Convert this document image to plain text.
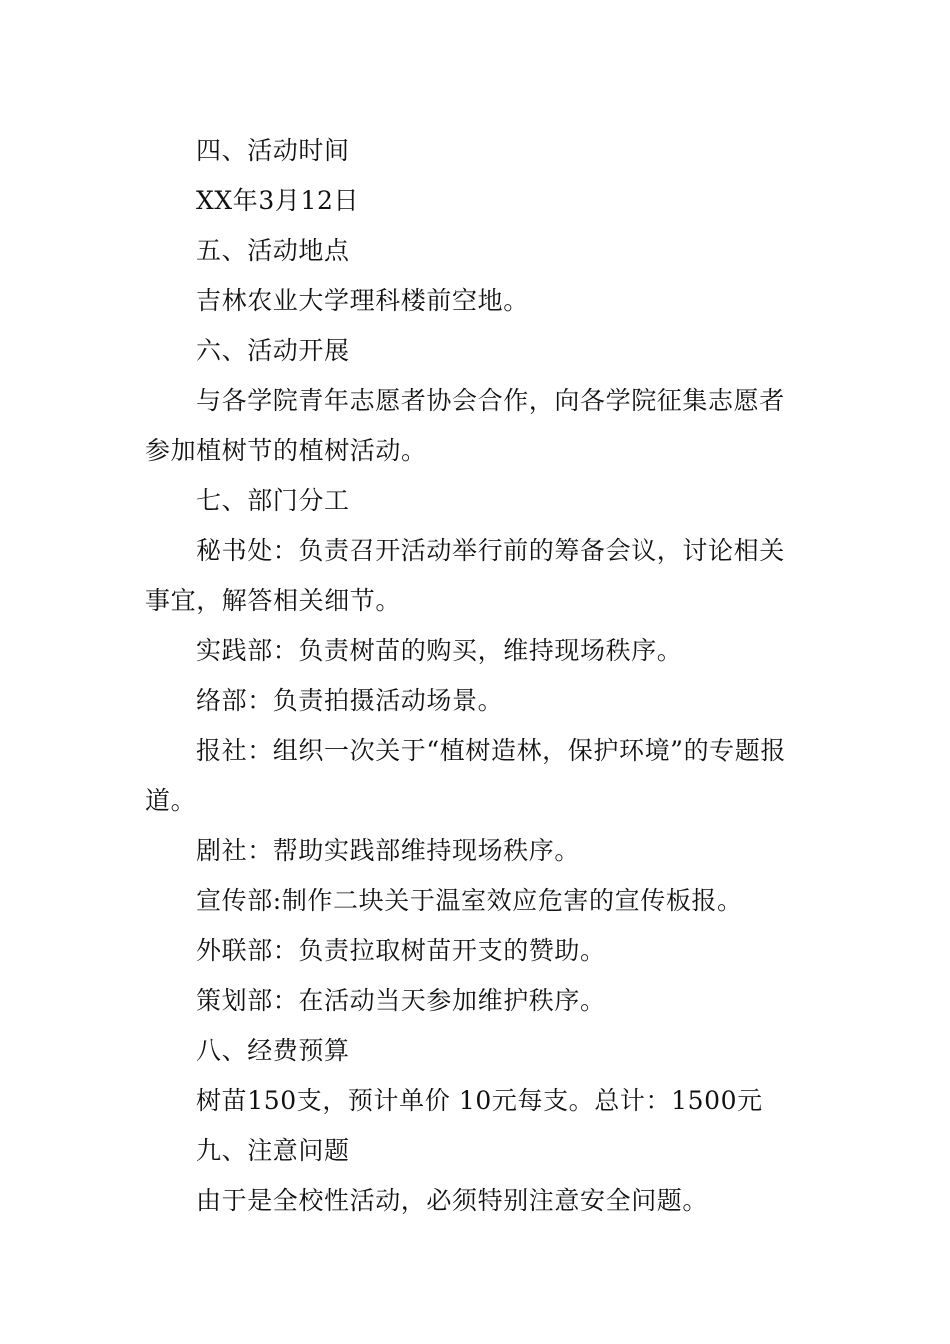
四、活动时间

XX年3月12日

五、活动地点

吉林农业大学理科楼前空地。

六、活动开展

与各学院青年志愿者协会合作，向各学院征集志愿者参加植树节的植树活动。

七、部门分工

秘书处：负责召开活动举行前的筹备会议，讨论相关事宜，解答相关细节。

实践部：负责树苗的购买，维持现场秩序。

络部：负责拍摄活动场景。

报社：组织一次关于“植树造林，保护环境”的专题报道。

剧社：帮助实践部维持现场秩序。

宣传部:制作二块关于温室效应危害的宣传板报。

外联部：负责拉取树苗开支的赞助。

策划部：在活动当天参加维护秩序。

八、经费预算

树苗150支，预计单价 10元每支。总计：1500元

九、注意问题

由于是全校性活动，必须特别注意安全问题。
